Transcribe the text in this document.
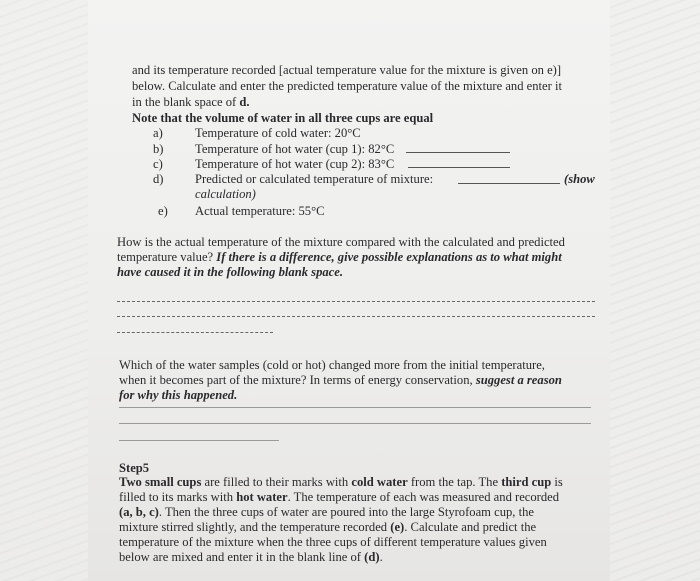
and its temperature recorded [actual temperature value for the mixture is given on e)]
below. Calculate and enter the predicted temperature value of the mixture and enter it
in the blank space of d.
Note that the volume of water in all three cups are equal
a)	Temperature of cold water: 20°C
b)	Temperature of hot water (cup 1): 82°C
c)	Temperature of hot water (cup 2): 83°C
d)	Predicted or calculated temperature of mixture:	(show
calculation)
e) Actual temperature: 55°C
How is the actual temperature of the mixture compared with the calculated and predicted
temperature value? If there is a difference, give possible explanations as to what might
have caused it in the following blank space.
Which of the water samples (cold or hot) changed more from the initial temperature,
when it becomes part of the mixture? In terms of energy conservation, suggest a reason
for why this happened.
Step5
Two small cups are filled to their marks with cold water from the tap. The third cup is
filled to its marks with hot water. The temperature of each was measured and recorded
(a, b, c). Then the three cups of water are poured into the large Styrofoam cup, the
mixture stirred slightly, and the temperature recorded (e). Calculate and predict the
temperature of the mixture when the three cups of different temperature values given
below are mixed and enter it in the blank line of (d).
